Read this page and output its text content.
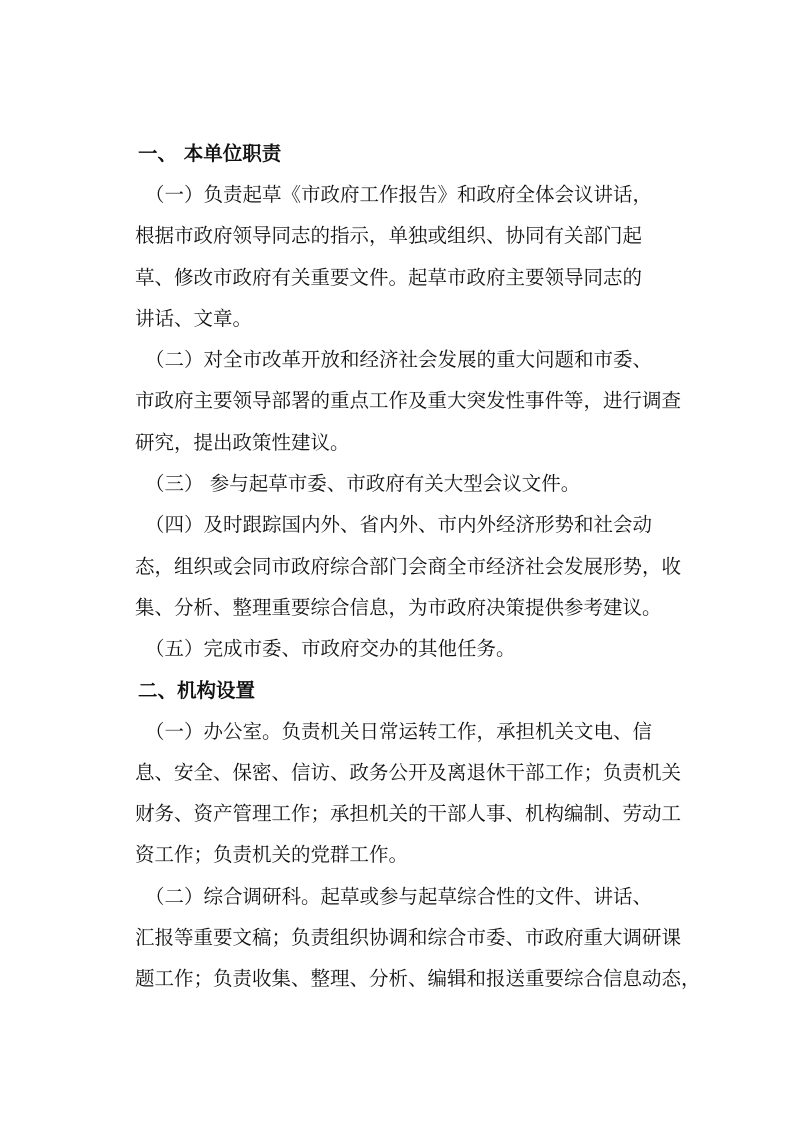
一、 本单位职责

（一）负责起草《市政府工作报告》和政府全体会议讲话，
根据市政府领导同志的指示，单独或组织、协同有关部门起
草、修改市政府有关重要文件。起草市政府主要领导同志的
讲话、文章。

（二）对全市改革开放和经济社会发展的重大问题和市委、
市政府主要领导部署的重点工作及重大突发性事件等，进行调查
研究，提出政策性建议。

（三） 参与起草市委、市政府有关大型会议文件。

（四）及时跟踪国内外、省内外、市内外经济形势和社会动
态，组织或会同市政府综合部门会商全市经济社会发展形势，收
集、分析、整理重要综合信息，为市政府决策提供参考建议。

（五）完成市委、市政府交办的其他任务。

二、机构设置

（一）办公室。负责机关日常运转工作，承担机关文电、信
息、安全、保密、信访、政务公开及离退休干部工作；负责机关
财务、资产管理工作；承担机关的干部人事、机构编制、劳动工
资工作；负责机关的党群工作。

（二）综合调研科。起草或参与起草综合性的文件、讲话、
汇报等重要文稿；负责组织协调和综合市委、市政府重大调研课
题工作；负责收集、整理、分析、编辑和报送重要综合信息动态，
